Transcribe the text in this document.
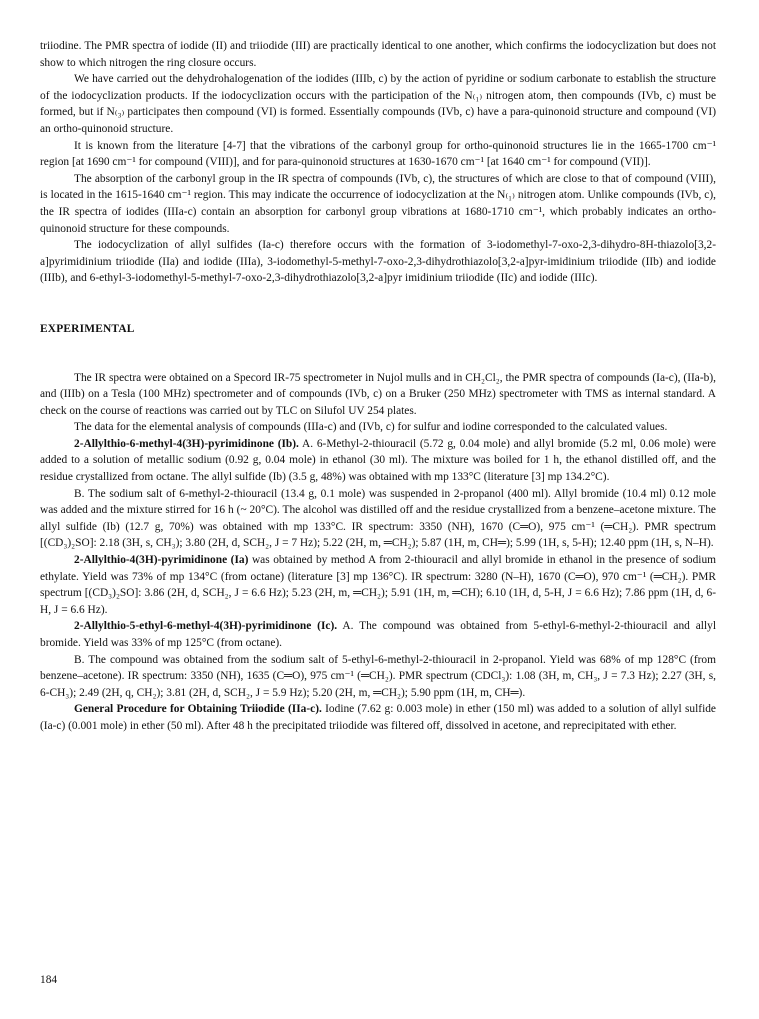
triiodine. The PMR spectra of iodide (II) and triiodide (III) are practically identical to one another, which confirms the iodocyclization but does not show to which nitrogen the ring closure occurs.

We have carried out the dehydrohalogenation of the iodides (IIIb, c) by the action of pyridine or sodium carbonate to establish the structure of the iodocyclization products. If the iodocyclization occurs with the participation of the N₍₁₎ nitrogen atom, then compounds (IVb, c) must be formed, but if N₍₃₎ participates then compound (VI) is formed. Essentially compounds (IVb, c) have a para-quinonoid structure and compound (VI) an ortho-quinonoid structure.

It is known from the literature [4-7] that the vibrations of the carbonyl group for ortho-quinonoid structures lie in the 1665-1700 cm⁻¹ region [at 1690 cm⁻¹ for compound (VIII)], and for para-quinonoid structures at 1630-1670 cm⁻¹ [at 1640 cm⁻¹ for compound (VII)].

The absorption of the carbonyl group in the IR spectra of compounds (IVb, c), the structures of which are close to that of compound (VIII), is located in the 1615-1640 cm⁻¹ region. This may indicate the occurrence of iodocyclization at the N₍₁₎ nitrogen atom. Unlike compounds (IVb, c), the IR spectra of iodides (IIIa-c) contain an absorption for carbonyl group vibrations at 1680-1710 cm⁻¹, which probably indicates an ortho-quinonoid structure for these compounds.

The iodocyclization of allyl sulfides (Ia-c) therefore occurs with the formation of 3-iodomethyl-7-oxo-2,3-dihydro-8H-thiazolo[3,2-a]pyrimidinium triiodide (IIa) and iodide (IIIa), 3-iodomethyl-5-methyl-7-oxo-2,3-dihydrothiazolo[3,2-a]pyr-imidinium triiodide (IIb) and iodide (IIIb), and 6-ethyl-3-iodomethyl-5-methyl-7-oxo-2,3-dihydrothiazolo[3,2-a]pyr imidinium triiodide (IIc) and iodide (IIIc).

EXPERIMENTAL

The IR spectra were obtained on a Specord IR-75 spectrometer in Nujol mulls and in CH₂Cl₂, the PMR spectra of compounds (Ia-c), (IIa-b), and (IIIb) on a Tesla (100 MHz) spectrometer and of compounds (IVb, c) on a Bruker (250 MHz) spectrometer with TMS as internal standard. A check on the course of reactions was carried out by TLC on Silufol UV 254 plates.

The data for the elemental analysis of compounds (IIIa-c) and (IVb, c) for sulfur and iodine corresponded to the calculated values.

2-Allylthio-6-methyl-4(3H)-pyrimidinone (Ib). A. 6-Methyl-2-thiouracil (5.72 g, 0.04 mole) and allyl bromide (5.2 ml, 0.06 mole) were added to a solution of metallic sodium (0.92 g, 0.04 mole) in ethanol (30 ml). The mixture was boiled for 1 h, the ethanol distilled off, and the residue crystallized from octane. The allyl sulfide (Ib) (3.5 g, 48%) was obtained with mp 133°C (literature [3] mp 134.2°C).

B. The sodium salt of 6-methyl-2-thiouracil (13.4 g, 0.1 mole) was suspended in 2-propanol (400 ml). Allyl bromide (10.4 ml) 0.12 mole was added and the mixture stirred for 16 h (~ 20°C). The alcohol was distilled off and the residue crystallized from a benzene–acetone mixture. The allyl sulfide (Ib) (12.7 g, 70%) was obtained with mp 133°C. IR spectrum: 3350 (NH), 1670 (C═O), 975 cm⁻¹ (═CH₂). PMR spectrum [(CD₃)₂SO]: 2.18 (3H, s, CH₃); 3.80 (2H, d, SCH₂, J = 7 Hz); 5.22 (2H, m, ═CH₂); 5.87 (1H, m, CH═); 5.99 (1H, s, 5-H); 12.40 ppm (1H, s, N–H).

2-Allylthio-4(3H)-pyrimidinone (Ia) was obtained by method A from 2-thiouracil and allyl bromide in ethanol in the presence of sodium ethylate. Yield was 73% of mp 134°C (from octane) (literature [3] mp 136°C). IR spectrum: 3280 (N–H), 1670 (C═O), 970 cm⁻¹ (═CH₂). PMR spectrum [(CD₃)₂SO]: 3.86 (2H, d, SCH₂, J = 6.6 Hz); 5.23 (2H, m, ═CH₂); 5.91 (1H, m, ═CH); 6.10 (1H, d, 5-H, J = 6.6 Hz); 7.86 ppm (1H, d, 6-H, J = 6.6 Hz).

2-Allylthio-5-ethyl-6-methyl-4(3H)-pyrimidinone (Ic). A. The compound was obtained from 5-ethyl-6-methyl-2-thiouracil and allyl bromide. Yield was 33% of mp 125°C (from octane).

B. The compound was obtained from the sodium salt of 5-ethyl-6-methyl-2-thiouracil in 2-propanol. Yield was 68% of mp 128°C (from benzene–acetone). IR spectrum: 3350 (NH), 1635 (C═O), 975 cm⁻¹ (═CH₂). PMR spectrum (CDCl₃): 1.08 (3H, m, CH₃, J = 7.3 Hz); 2.27 (3H, s, 6-CH₃); 2.49 (2H, q, CH₂); 3.81 (2H, d, SCH₂, J = 5.9 Hz); 5.20 (2H, m, ═CH₂); 5.90 ppm (1H, m, CH═).

General Procedure for Obtaining Triiodide (IIa-c). Iodine (7.62 g: 0.003 mole) in ether (150 ml) was added to a solution of allyl sulfide (Ia-c) (0.001 mole) in ether (50 ml). After 48 h the precipitated triiodide was filtered off, dissolved in acetone, and reprecipitated with ether.

184
